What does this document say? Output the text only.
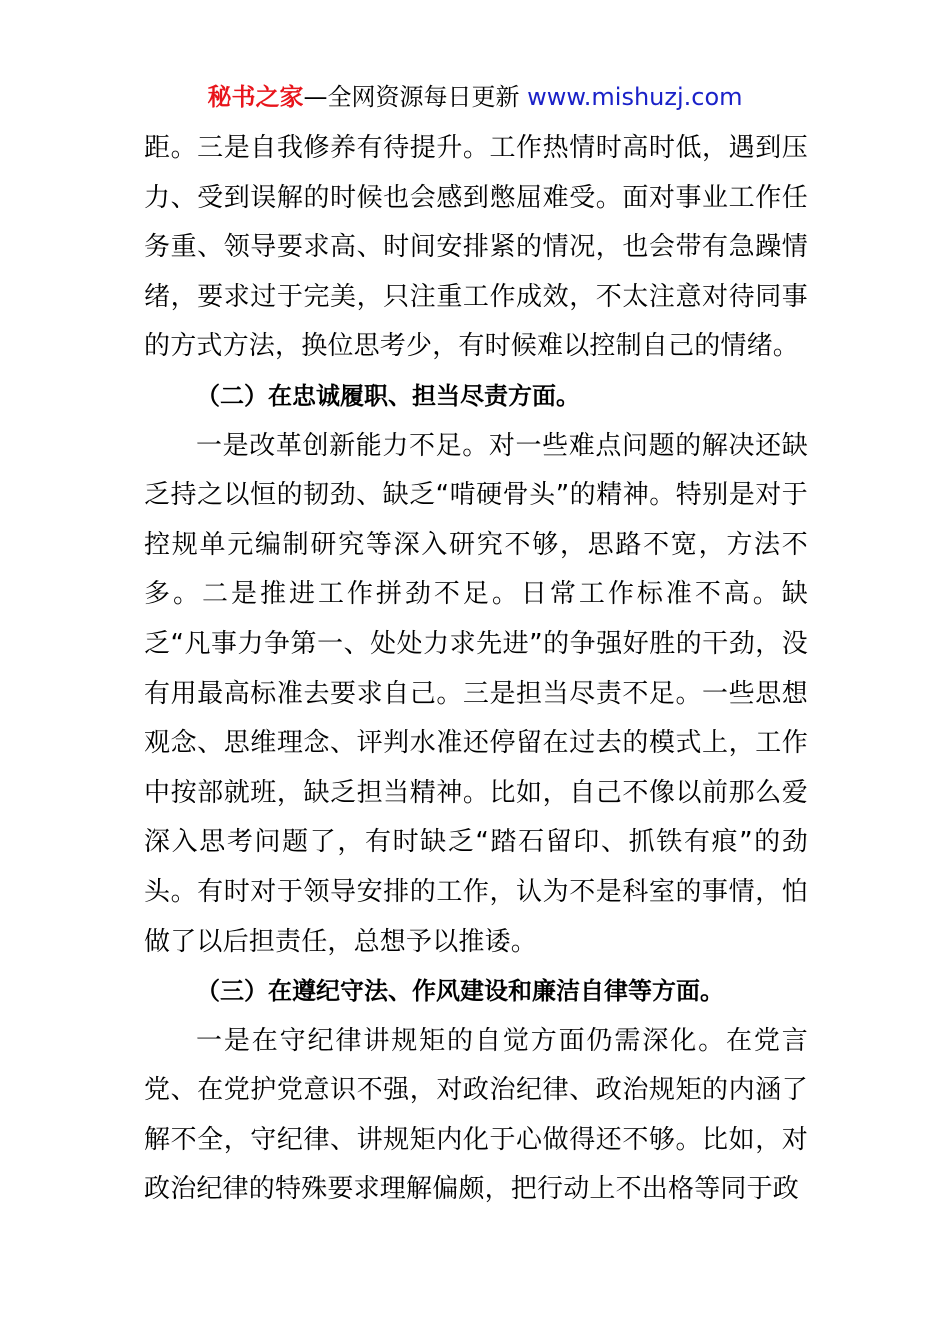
秘书之家—全网资源每日更新 www.mishuzj.com

距。三是自我修养有待提升。工作热情时高时低，遇到压力、受到误解的时候也会感到憋屈难受。面对事业工作任务重、领导要求高、时间安排紧的情况，也会带有急躁情绪，要求过于完美，只注重工作成效，不太注意对待同事的方式方法，换位思考少，有时候难以控制自己的情绪。

（二）在忠诚履职、担当尽责方面。

一是改革创新能力不足。对一些难点问题的解决还缺乏持之以恒的韧劲、缺乏“啃硬骨头”的精神。特别是对于控规单元编制研究等深入研究不够，思路不宽，方法不多。二是推进工作拼劲不足。日常工作标准不高。缺乏“凡事力争第一、处处力求先进”的争强好胜的干劲，没有用最高标准去要求自己。三是担当尽责不足。一些思想观念、思维理念、评判水准还停留在过去的模式上，工作中按部就班，缺乏担当精神。比如，自己不像以前那么爱深入思考问题了，有时缺乏“踏石留印、抓铁有痕”的劲头。有时对于领导安排的工作，认为不是科室的事情，怕做了以后担责任，总想予以推诿。

（三）在遵纪守法、作风建设和廉洁自律等方面。

一是在守纪律讲规矩的自觉方面仍需深化。在党言党、在党护党意识不强，对政治纪律、政治规矩的内涵了解不全，守纪律、讲规矩内化于心做得还不够。比如，对政治纪律的特殊要求理解偏颇，把行动上不出格等同于政
